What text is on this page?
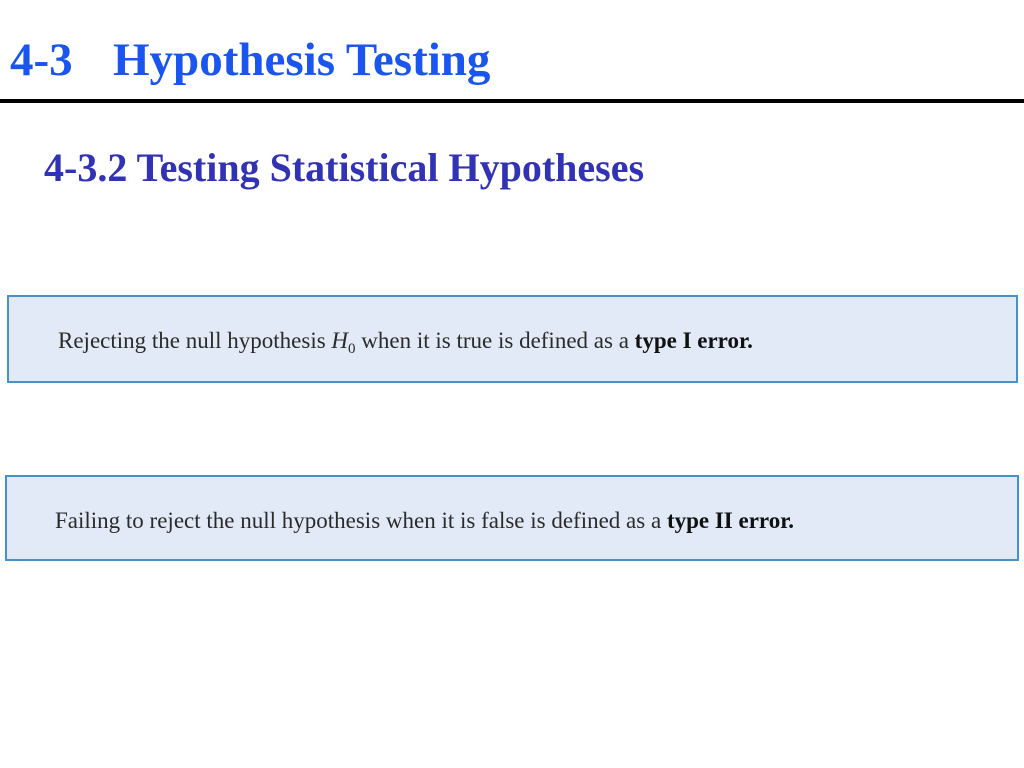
4-3 Hypothesis Testing
4-3.2 Testing Statistical Hypotheses
Rejecting the null hypothesis $H_0$ when it is true is defined as a type I error.
Failing to reject the null hypothesis when it is false is defined as a type II error.
